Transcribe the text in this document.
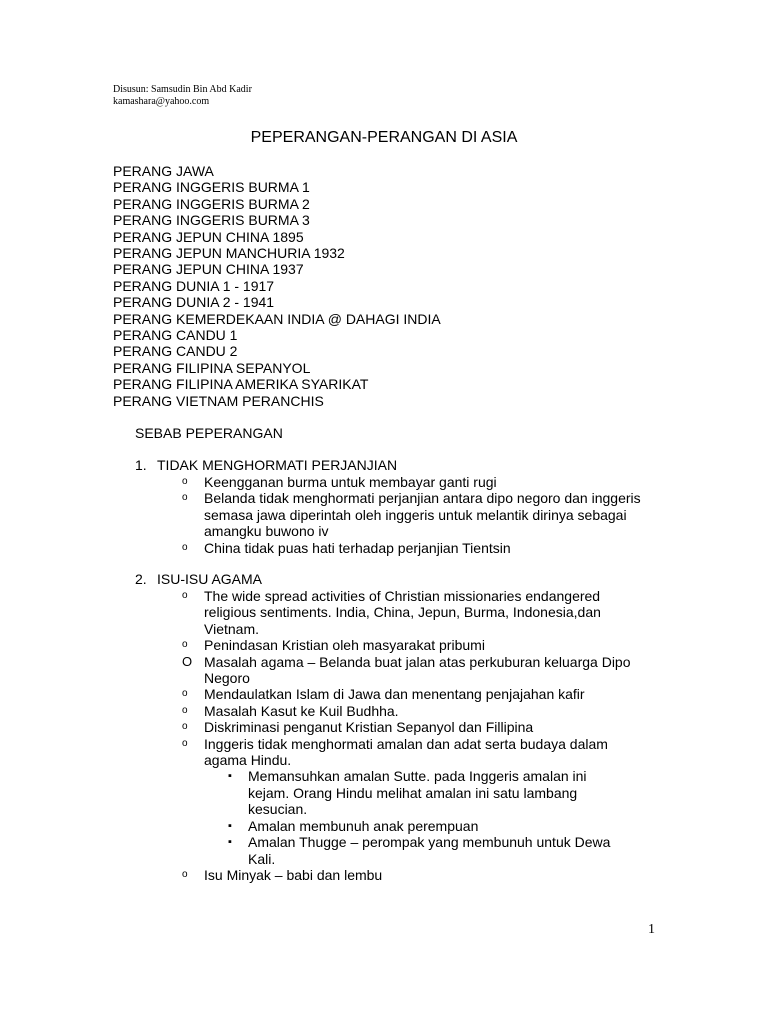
Disusun: Samsudin Bin Abd Kadir
kamashara@yahoo.com
PEPERANGAN-PERANGAN DI ASIA
PERANG JAWA
PERANG INGGERIS BURMA 1
PERANG INGGERIS BURMA 2
PERANG INGGERIS BURMA 3
PERANG JEPUN CHINA 1895
PERANG JEPUN MANCHURIA 1932
PERANG JEPUN CHINA 1937
PERANG DUNIA 1 - 1917
PERANG DUNIA 2 - 1941
PERANG KEMERDEKAAN INDIA @ DAHAGI INDIA
PERANG CANDU 1
PERANG CANDU 2
PERANG FILIPINA SEPANYOL
PERANG FILIPINA AMERIKA SYARIKAT
PERANG VIETNAM PERANCHIS
SEBAB PEPERANGAN
1. TIDAK MENGHORMATI PERJANJIAN
o Keengganan burma untuk membayar ganti rugi
o Belanda tidak menghormati perjanjian antara dipo negoro dan inggeris semasa jawa diperintah oleh inggeris untuk melantik dirinya sebagai amangku buwono iv
o China tidak puas hati terhadap perjanjian Tientsin
2. ISU-ISU AGAMA
o The wide spread activities of Christian missionaries endangered religious sentiments. India, China, Jepun, Burma, Indonesia,dan Vietnam.
o Penindasan Kristian oleh masyarakat pribumi
O Masalah agama – Belanda buat jalan atas perkuburan keluarga Dipo Negoro
o Mendaulatkan Islam di Jawa dan menentang penjajahan kafir
o Masalah Kasut ke Kuil Budhha.
o Diskriminasi penganut Kristian Sepanyol dan Fillipina
o Inggeris tidak menghormati amalan dan adat serta budaya dalam agama Hindu.
▪ Memansuhkan amalan Sutte. pada Inggeris amalan ini kejam. Orang Hindu melihat amalan ini satu lambang kesucian.
▪ Amalan membunuh anak perempuan
▪ Amalan Thugge – perompak yang membunuh untuk Dewa Kali.
o Isu Minyak – babi dan lembu
1
